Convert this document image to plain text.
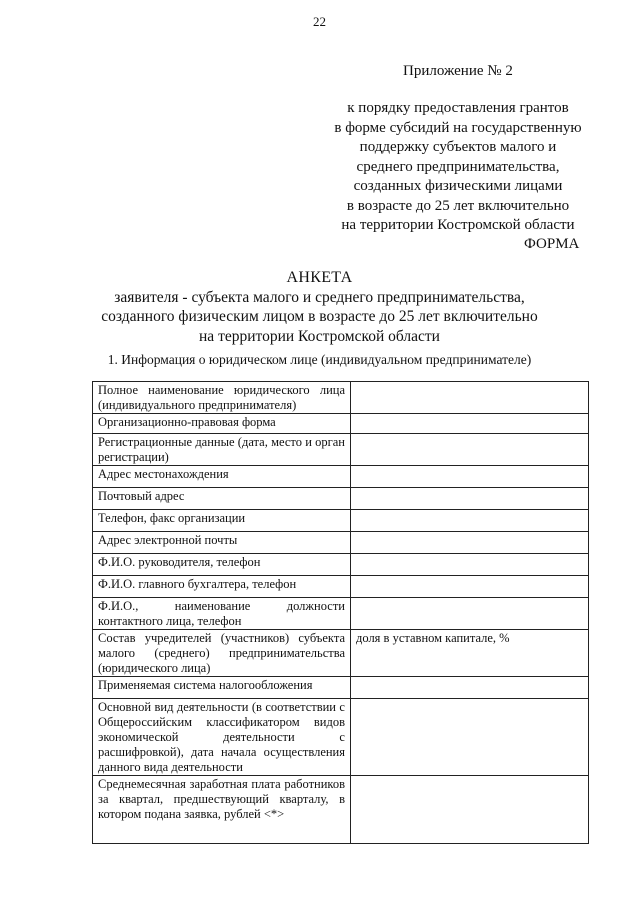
22
Приложение № 2
к порядку предоставления грантов
в форме субсидий на государственную
поддержку субъектов малого и
среднего предпринимательства,
созданных физическими лицами
в возрасте до 25 лет включительно
на территории Костромской области
ФОРМА
АНКЕТА
заявителя - субъекта малого и среднего предпринимательства,
созданного физическим лицом в возрасте до 25 лет включительно
на территории Костромской области
1. Информация о юридическом лице (индивидуальном предпринимателе)
Полное наименование юридического лица (индивидуального предпринимателя)	
Организационно-правовая форма	
Регистрационные данные (дата, место и орган регистрации)	
Адрес местонахождения	
Почтовый адрес	
Телефон, факс организации	
Адрес электронной почты	
Ф.И.О. руководителя, телефон	
Ф.И.О. главного бухгалтера, телефон	
Ф.И.О., наименование должности контактного лица, телефон	
Состав учредителей (участников) субъекта малого (среднего) предпринимательства (юридического лица)	доля в уставном капитале, %
Применяемая система налогообложения	
Основной вид деятельности (в соответствии с Общероссийским классификатором видов экономической деятельности с расшифровкой), дата начала осуществления данного вида деятельности	
Среднемесячная заработная плата работников за квартал, предшествующий кварталу, в котором подана заявка, рублей <*>	
